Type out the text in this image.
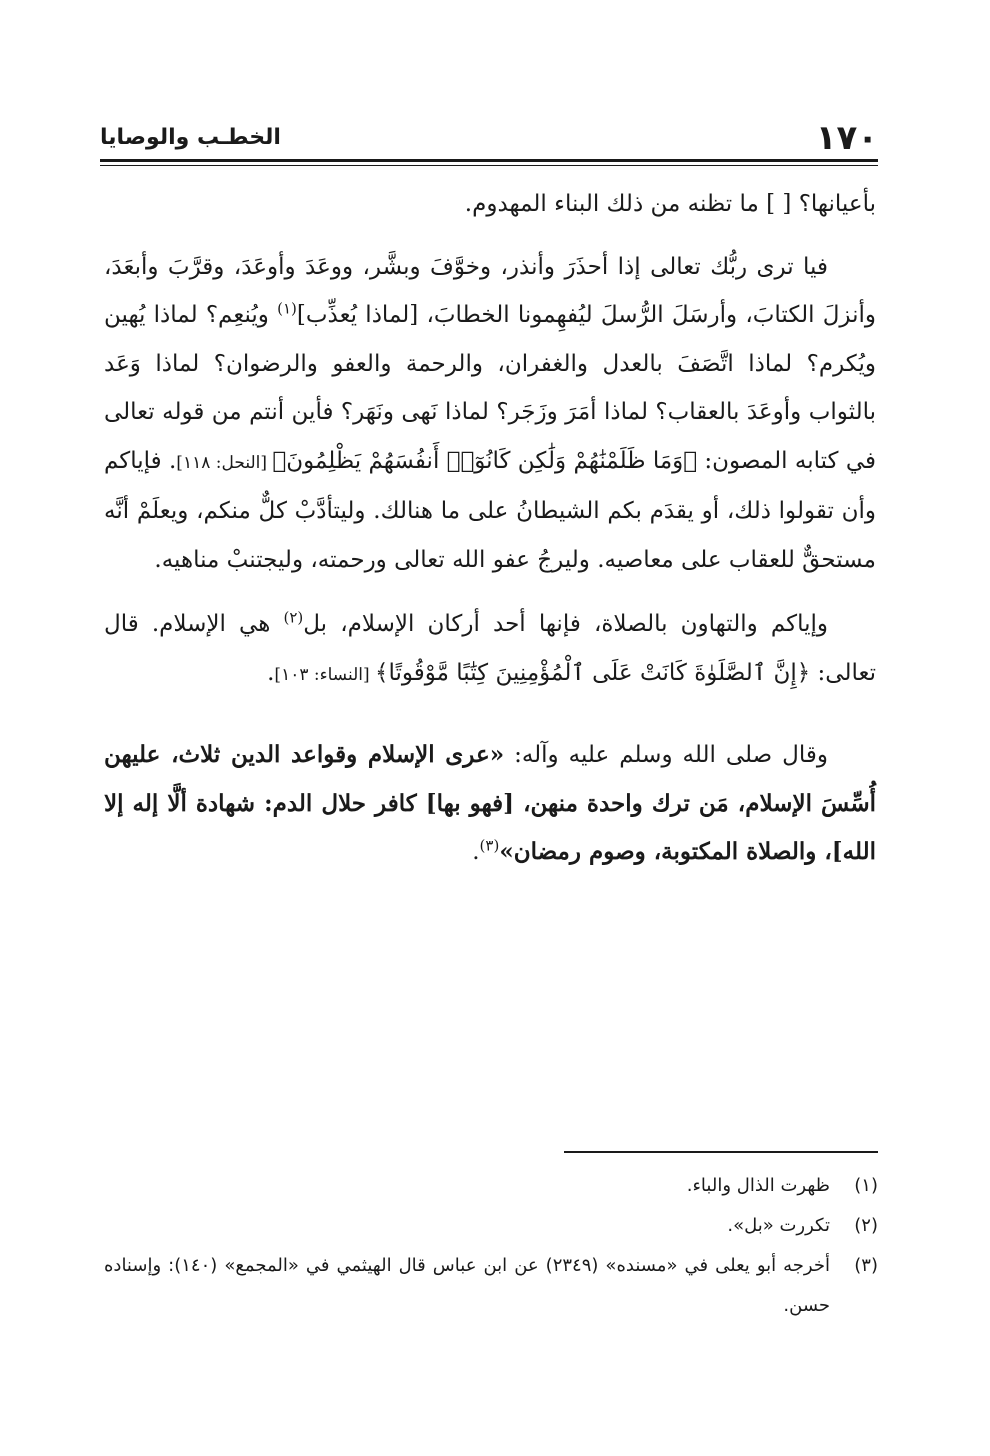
١٧٠
الخطـب والوصايا

بأعيانها؟ [ ] ما تظنه من ذلك البناء المهدوم.

فيا ترى ربُّك تعالى إذا أحذَرَ وأنذر، وخوَّفَ وبشَّر، ووعَدَ وأوعَدَ، وقرَّبَ وأبعَدَ، وأنزلَ الكتابَ، وأرسَلَ الرُّسلَ ليُفهِمونا الخطابَ، [لماذا يُعذِّب]$^{(١)}$ ويُنعِم؟ لماذا يُهين ويُكرم؟ لماذا اتَّصَفَ بالعدل والغفران، والرحمة والعفو والرضوان؟ لماذا وَعَد بالثواب وأوعَدَ بالعقاب؟ لماذا أمَرَ وزَجَر؟ لماذا نَهى ونَهَر؟ فأين أنتم من قوله تعالى في كتابه المصون: ﴿وَمَا ظَلَمْنَٰهُمْ وَلَٰكِن كَانُوٓا۟ أَنفُسَهُمْ يَظْلِمُونَ﴾ [النحل: ١١٨]. فإياكم وأن تقولوا ذلك، أو يقدَم بكم الشيطانُ على ما هنالك. وليتأدَّبْ كلٌّ منكم، ويعلَمْ أنَّه مستحقٌّ للعقاب على معاصيه. وليرجُ عفو الله تعالى ورحمته، وليجتنبْ مناهيه.

وإياكم والتهاون بالصلاة، فإنها أحد أركان الإسلام، بل$^{(٢)}$ هي الإسلام. قال تعالى: ﴿إِنَّ ٱلصَّلَوٰةَ كَانَتْ عَلَى ٱلْمُؤْمِنِينَ كِتَٰبًا مَّوْقُوتًا﴾ [النساء: ١٠٣].

وقال صلى الله وسلم عليه وآله: «عرى الإسلام وقواعد الدين ثلاث، عليهن أُسِّسَ الإسلام، مَن ترك واحدة منهن، [فهو بها] كافر حلال الدم: شهادة ألَّا إله إلا الله]، والصلاة المكتوبة، وصوم رمضان»$^{(٣)}$.

(١)
ظهرت الذال والباء.
(٢)
تكررت «بل».
(٣)
أخرجه أبو يعلى في «مسنده» (٢٣٤٩) عن ابن عباس قال الهيثمي في «المجمع» (١٤٠): وإسناده حسن.
